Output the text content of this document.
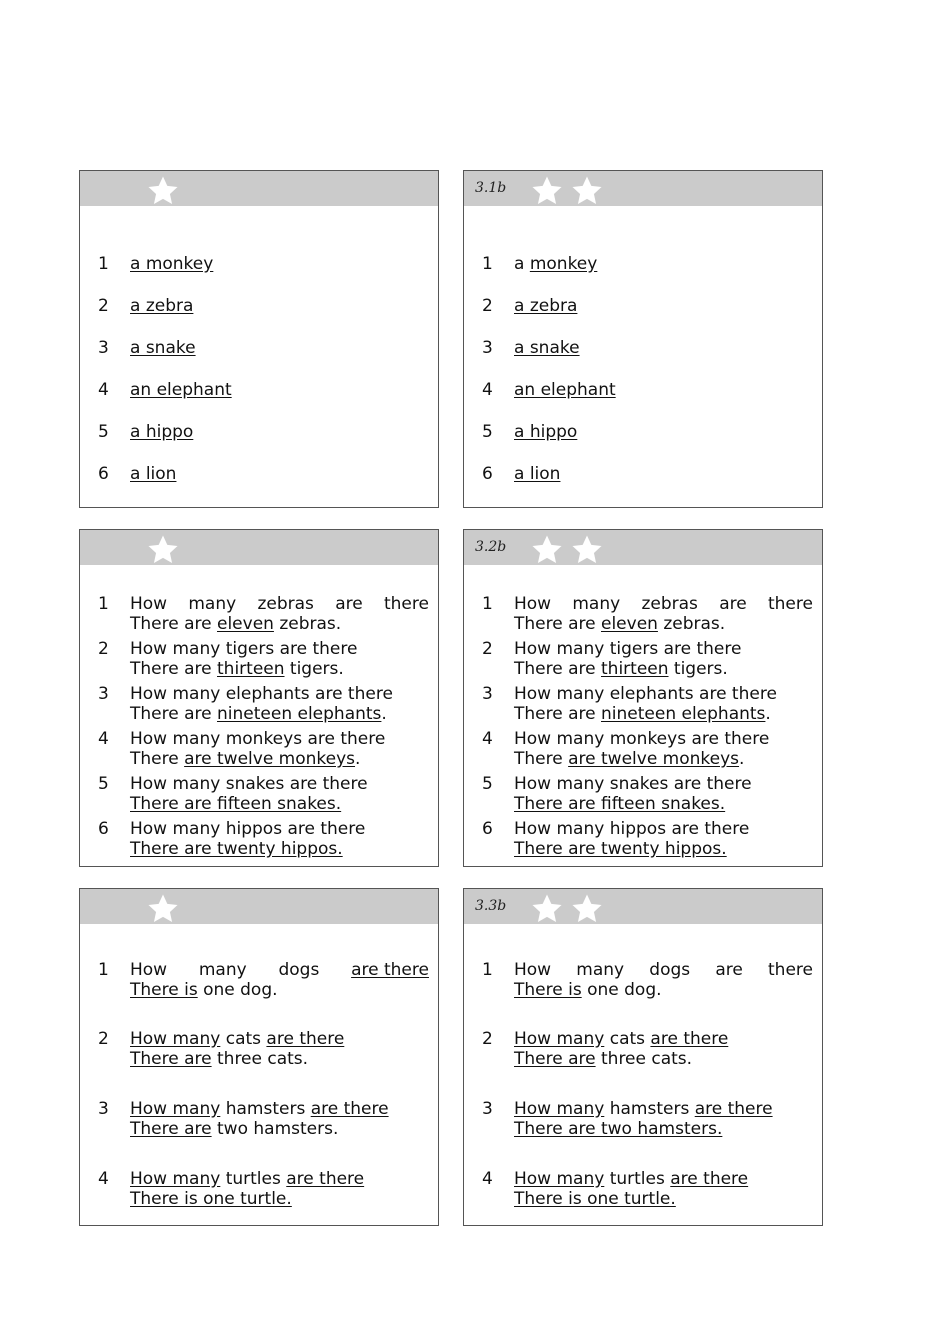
1 a monkey
2 a zebra
3 a snake
4 an elephant
5 a hippo
6 a lion
3.1b
1 a monkey
2 a zebra
3 a snake
4 an elephant
5 a hippo
6 a lion
1 How many zebras are there
There are eleven zebras.
2 How many tigers are there
There are thirteen tigers.
3 How many elephants are there
There are nineteen elephants.
4 How many monkeys are there
There are twelve monkeys.
5 How many snakes are there
There are fifteen snakes.
6 How many hippos are there
There are twenty hippos.
3.2b
1 How many zebras are there
There are eleven zebras.
2 How many tigers are there
There are thirteen tigers.
3 How many elephants are there
There are nineteen elephants.
4 How many monkeys are there
There are twelve monkeys.
5 How many snakes are there
There are fifteen snakes.
6 How many hippos are there
There are twenty hippos.
1 How many dogs are there
There is one dog.
2 How many cats are there
There are three cats.
3 How many hamsters are there
There are two hamsters.
4 How many turtles are there
There is one turtle.
3.3b
1 How many dogs are there
There is one dog.
2 How many cats are there
There are three cats.
3 How many hamsters are there
There are two hamsters.
4 How many turtles are there
There is one turtle.
